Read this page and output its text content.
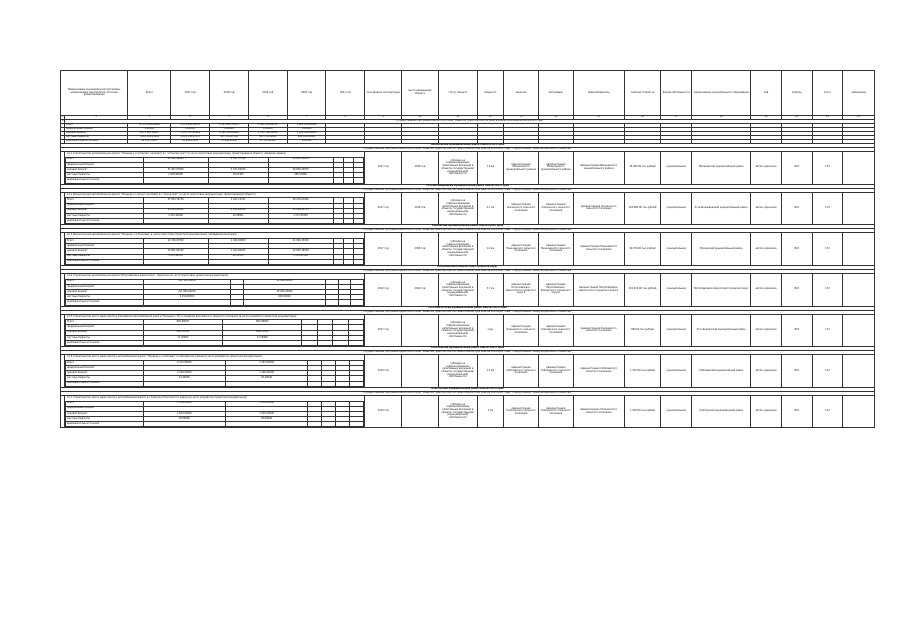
Наименование муниципальной программы, наименование мероприятия, источник финансирования	Всего	2017 год	2018 год	2019 год	2020 год	2021 год	срок ввода в эксплуатацию	место размещения объекта	статус объекта	мощность	заказчик	застройщик	правообладатель	сметная стоимость	форма собственности	наименование муниципального образования	код	отрасль	итого	примечание
1	2	3	4	5	6	7	8	9	10	11	12	13	14	15	16	17	18	19	20	21	22
12	Государственная программа Камчатского края "Развитие транспортной системы в Камчатском крае на 2014-2021 годы"
	Всего	11 374 244,26840	4 334 926,59870	2 913 983,76970	2 465 144,66700	1 660 190,00000															
	федеральный бюджет	0,00000	0,00000	0,00000	0,00000	0,00000															
	краевой бюджет	9 674 083,69617	3 333 787,62629	2 460 239,09606	1 879 766,66999	1 000 190,00000															
	местные бюджеты	1 603 490,03400	1 001 138,97247	453 744,67364	585 378,00001	660 000,00000															
	внебюджетные источники	96 670,53823	10 440,95919	33 946,40640	47 365,94900	0,00000															
Мильковский муниципальный район Камчатского края
Государственная программа Камчатского края "Развитие транспортной системы в Камчатском крае на 2014-2021 годы". Подпрограмма "Развитие дорожного хозяйства"

12.1 Строительство автомобильной дороги "Подъезд к п.Атласово" километр 0+ "Атласово-порт" (в части подготовки документации, проектирования объекта, перевода земель)
Всего	32 412,16000	2 567,37330	29 844,78670			
федеральный бюджет						
краевой бюджет	31 407,07800	2 547,84930	28 859,22870			
местные бюджеты	1 005,08200	19,52400	985,55800			
внебюджетные источники						
	2017 год	2018 год	субсидия на софинансирование капитальных вложений в объекты государственной (муниципальной) собственности	7,6 км	Администрация Мильковского муниципального района	Администрация Мильковского муниципального района	Администрация Мильковского муниципального района	26 900,00 тыс.рублей	муниципальная	Мильковский муниципальный район	автом. дорожное	843	174	
Усть-Большерецкий муниципальный район Камчатского края
Государственная программа Камчатского края "Развитие транспортной системы в Камчатском крае на 2014-2021 годы". Подпрограмма "Развитие дорожного хозяйства"

12.2 Реконструкция автомобильной дороги "Подъезд к с.Апача" километр 0+ "Апача-порт" (в части подготовки документации, проектирования объекта)
Всего	37 503,79739	1 037,12741	36 476,67000			
федеральный бюджет						
краевой бюджет	36 433,85653	1 015,03940	35 418,81713			
местные бюджеты	1 059,94086	22,08801	1 037,85285			
внебюджетные источники						
	2017 год	2018 год	субсидия на софинансирование капитальных вложений в объекты государственной (муниципальной) собственности	2,7 км	Администрация Апачинского сельского поселения	Администрация Апачинского сельского поселения	Администрация Апачинского сельского поселения	104 885,00 тыс.рублей	муниципальная	Усть-Большерецкий муниципальный район	автом. дорожное	843	174	
Елизовский муниципальный район Камчатского края
Государственная программа Камчатского края "Развитие транспортной системы в Камчатском крае на 2014-2021 годы". Подпрограмма "Развитие дорожного хозяйства"

12.3 Реконструкция автомобильной дороги "Подъезд к п.Пиначево" в части подготовки проектной документации, проведения изысканий
Всего	22 136,97000	1 042,82000	21 094,15000			
федеральный бюджет						
краевой бюджет	20 861,84445	1 021,66445	19 840,18000			
местные бюджеты	1 275,12555	21,15555	1 253,97000			
внебюджетные источники						
	2017 год	2018 год	субсидия на софинансирование капитальных вложений в объекты государственной (муниципальной) собственности	1,9 км	Администрация Пиначевского сельского поселения	Администрация Пиначевского сельского поселения	Администрация Пиначевского сельского поселения	90 270,00 тыс.рублей	муниципальная	Елизовский муниципальный район	автом. дорожное	843	174	
Петропавловск-Камчатский городской округ
Государственная программа Камчатского края "Развитие транспортной системы в Камчатском крае на 2014-2021 годы". Подпрограмма "Развитие дорожного хозяйства"

12.4 Строительство автомобильной дороги Петропавловск-Камчатский - Паратунка (в части подготовки проектной документации)
Всего	321 100,00000		19 800,00000			
федеральный бюджет						
краевой бюджет	211 850,00000		18 900,00000			
местные бюджеты	9 250,00000		900,00000			
внебюджетные источники						
	2019 год	2020 год	субсидия на софинансирование капитальных вложений в объекты государственной (муниципальной) собственности	3,7 км	Администрация Петропавловск-Камчатского городского округа	Администрация Петропавловск-Камчатского городского округа	Администрация Петропавловск-Камчатского городского округа	232 100,00 тыс.рублей	муниципальная	Петропавловск-Камчатский городской округ	автом. дорожное	843	172	
Усть-Камчатский муниципальный район Камчатского края
Государственная программа Камчатского края "Развитие транспортной системы в Камчатском крае на 2014-2021 годы". Подпрограмма "Развитие дорожного хозяйства"

12.5 Строительство моста через протоку Ключевская автомобильной дороги "Подъезд к ТЦ" в пределах Ключевского сельского поселения (в части разработки проектной документации)
Всего	863,98000	863,98000				
федеральный бюджет						
краевой бюджет	846,71040	846,71040				
местные бюджеты	17,26960	17,26960				
внебюджетные источники						
	2017 год		субсидия на софинансирование капитальных вложений в объекты государственной (муниципальной) собственности	1 ед.	Администрация Ключевского сельского поселения	Администрация Ключевского сельского поселения	Администрация Ключевского сельского поселения	850,00 тыс.рублей	муниципальная	Усть-Камчатский муниципальный район	автом. дорожное	843	174	
Соболевский муниципальный район Камчатского края
Государственная программа Камчатского края "Развитие транспортной системы в Камчатском крае на 2014-2021 годы". Подпрограмма "Развитие дорожного хозяйства"

12.6 Строительство моста через протоку автомобильной дороги "Подъезд к с.Соболево" в Соболевском районе (в части разработки проектной документации)
Всего	2 323,00000	1 323,00000				
федеральный бюджет						
краевой бюджет	2 268,04000	1 296,54000				
местные бюджеты	24,96000	26,46000				
внебюджетные источники						
	2016 год		субсидия на софинансирование капитальных вложений в объекты государственной (муниципальной) собственности	1,3 км	Администрация Соболевского сельского поселения	Администрация Соболевского сельского поселения	Администрация Соболевского сельского поселения	1 323,00 тыс.рублей	муниципальная	Соболевский муниципальный район	автом. дорожное	843	174	
Олюторский муниципальный район Камчатского края
Государственная программа Камчатского края "Развитие транспортной системы в Камчатском крае на 2014-2021 годы". Подпрограмма "Развитие дорожного хозяйства"

12.7 Строительство моста через протоку автомобильной дороги в с.Тиличики Олюторского района (в части разработки проектной документации)
Всего	1 550,00000	1 550,00000				
федеральный бюджет						
краевой бюджет	1 502,50000	1 502,50000				
местные бюджеты	30,00000	30,00000				
внебюджетные источники						
	2016 год		субсидия на софинансирование капитальных вложений в объекты государственной (муниципальной) собственности	3 км	Администрация Тиличикского сельского поселения	Администрация Тиличикского сельского поселения	Администрация Тиличикского сельского поселения	1 550,00 тыс.рублей	муниципальная	Олюторский муниципальный район	автом. дорожное	843	174	
